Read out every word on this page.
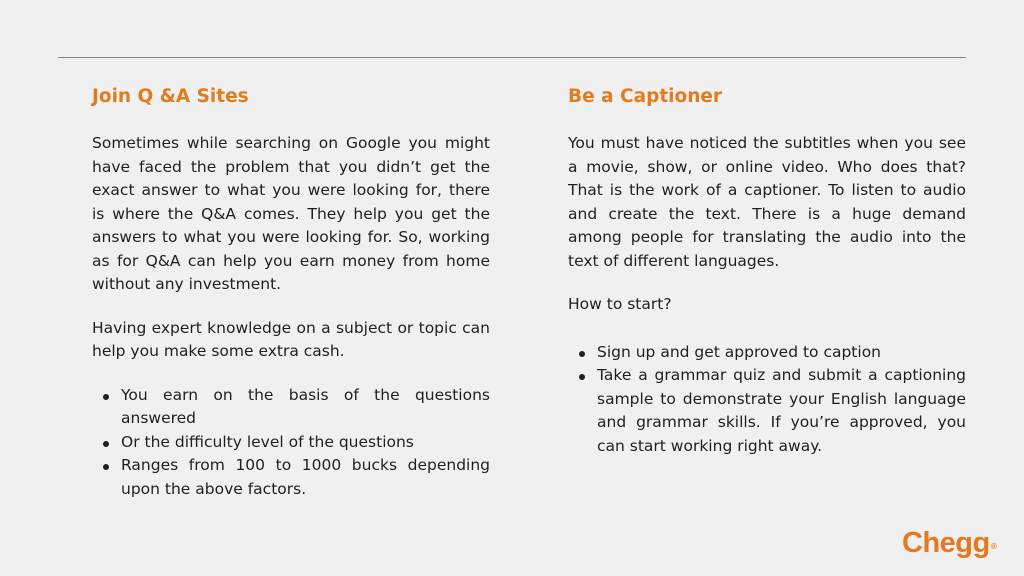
Join Q &A Sites

Sometimes while searching on Google you might have faced the problem that you didn’t get the exact answer to what you were looking for, there is where the Q&A comes. They help you get the answers to what you were looking for. So, working as for Q&A can help you earn money from home without any investment.

Having expert knowledge on a subject or topic can help you make some extra cash.

You earn on the basis of the questions answered
Or the difficulty level of the questions
Ranges from 100 to 1000 bucks depending upon the above factors.
Be a Captioner

You must have noticed the subtitles when you see a movie, show, or online video. Who does that? That is the work of a captioner. To listen to audio and create the text. There is a huge demand among people for translating the audio into the text of different languages.

How to start?

Sign up and get approved to caption
Take a grammar quiz and submit a captioning sample to demonstrate your English language and grammar skills. If you’re approved, you can start working right away.
Chegg®
